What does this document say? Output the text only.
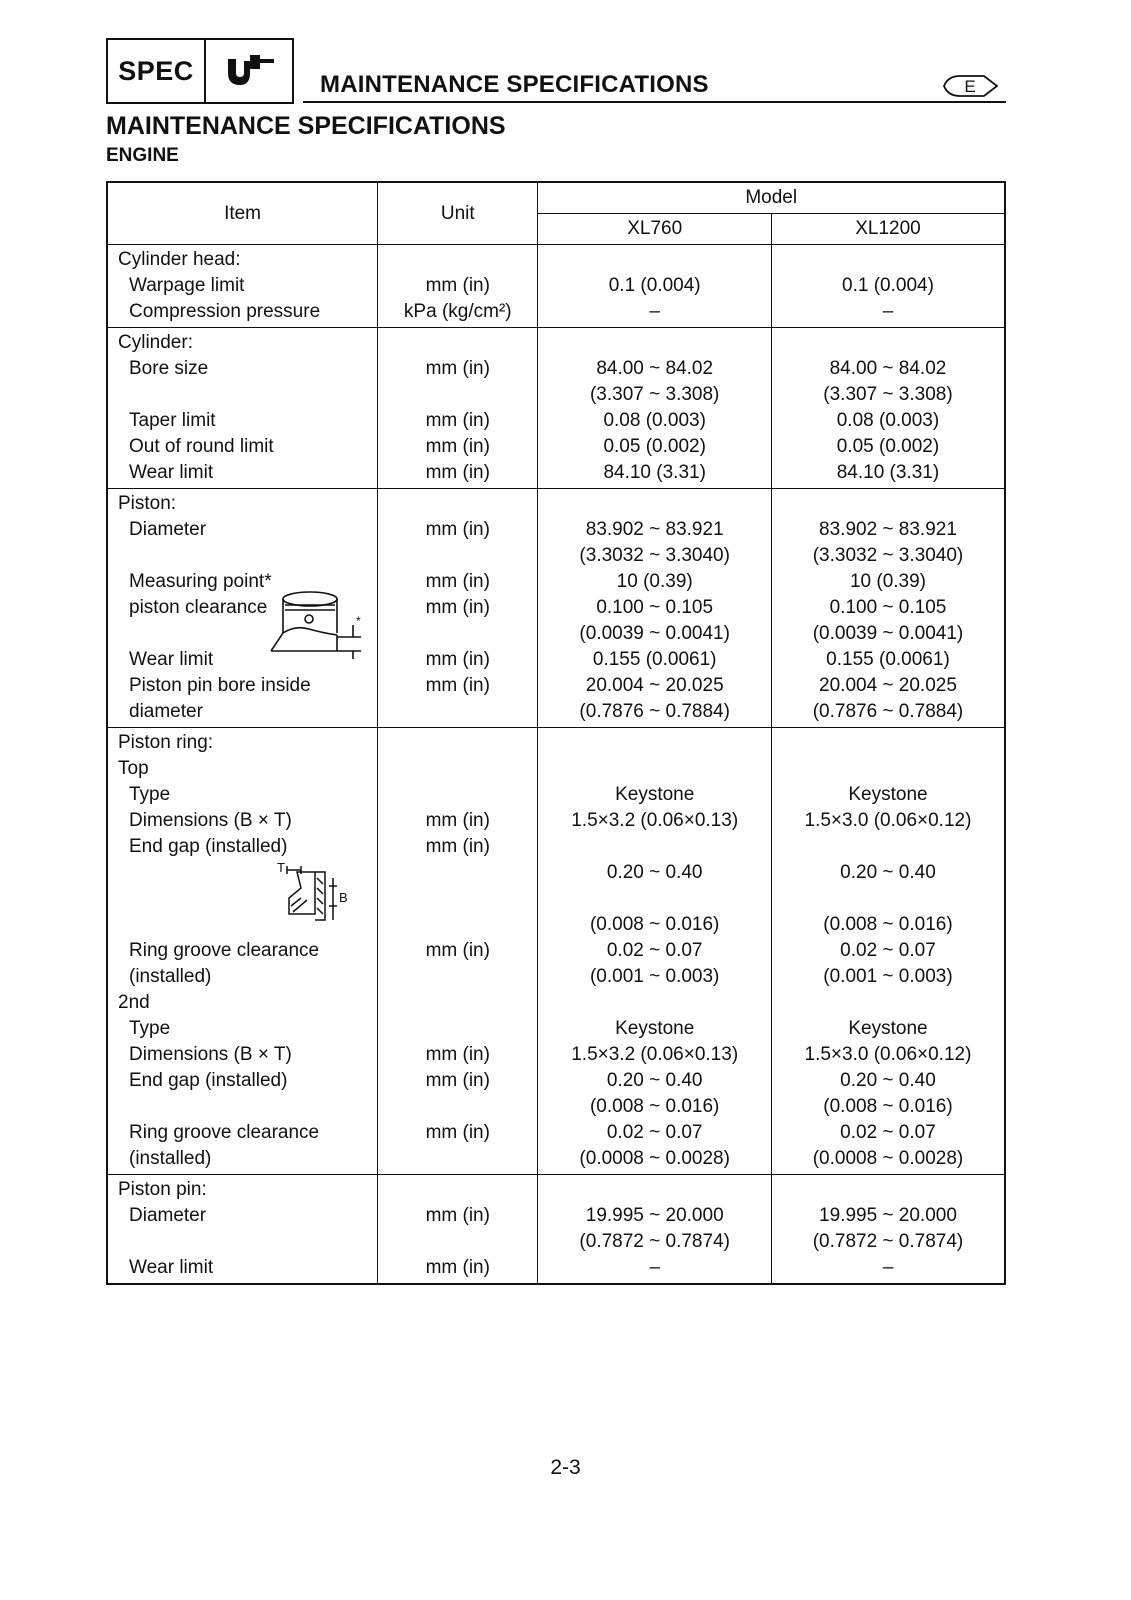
SPEC	MAINTENANCE SPECIFICATIONS	E
MAINTENANCE SPECIFICATIONS
ENGINE
Item	Unit	Model	
		XL760	XL1200
Cylinder head:			
Warpage limit	mm (in)	0.1 (0.004)	0.1 (0.004)
Compression pressure	kPa (kg/cm²)	–	–
Cylinder:			
Bore size	mm (in)	84.00 ~ 84.02	84.00 ~ 84.02
		(3.307 ~ 3.308)	(3.307 ~ 3.308)
Taper limit	mm (in)	0.08 (0.003)	0.08 (0.003)
Out of round limit	mm (in)	0.05 (0.002)	0.05 (0.002)
Wear limit	mm (in)	84.10 (3.31)	84.10 (3.31)
Piston:			
Diameter	mm (in)	83.902 ~ 83.921	83.902 ~ 83.921
		(3.3032 ~ 3.3040)	(3.3032 ~ 3.3040)
Measuring point*	mm (in)	10 (0.39)	10 (0.39)
piston clearance	mm (in)	0.100 ~ 0.105	0.100 ~ 0.105
		(0.0039 ~ 0.0041)	(0.0039 ~ 0.0041)
Wear limit	mm (in)	0.155 (0.0061)	0.155 (0.0061)
Piston pin bore inside	mm (in)	20.004 ~ 20.025	20.004 ~ 20.025
diameter		(0.7876 ~ 0.7884)	(0.7876 ~ 0.7884)
Piston ring:			
Top			
Type		Keystone	Keystone
Dimensions (B × T)	mm (in)	1.5×3.2 (0.06×0.13)	1.5×3.0 (0.06×0.12)
End gap (installed)	mm (in)		
		0.20 ~ 0.40	0.20 ~ 0.40
		(0.008 ~ 0.016)	(0.008 ~ 0.016)

Ring groove clearance	mm (in)	0.02 ~ 0.07	0.02 ~ 0.07
(installed)		(0.001 ~ 0.003)	(0.001 ~ 0.003)
2nd			
Type		Keystone	Keystone
Dimensions (B × T)	mm (in)	1.5×3.2 (0.06×0.13)	1.5×3.0 (0.06×0.12)
End gap (installed)	mm (in)	0.20 ~ 0.40	0.20 ~ 0.40
		(0.008 ~ 0.016)	(0.008 ~ 0.016)
Ring groove clearance	mm (in)	0.02 ~ 0.07	0.02 ~ 0.07
(installed)		(0.0008 ~ 0.0028)	(0.0008 ~ 0.0028)
Piston pin:			
Diameter	mm (in)	19.995 ~ 20.000	19.995 ~ 20.000
		(0.7872 ~ 0.7874)	(0.7872 ~ 0.7874)
Wear limit	mm (in)	–	–
2-3
*
T
B
